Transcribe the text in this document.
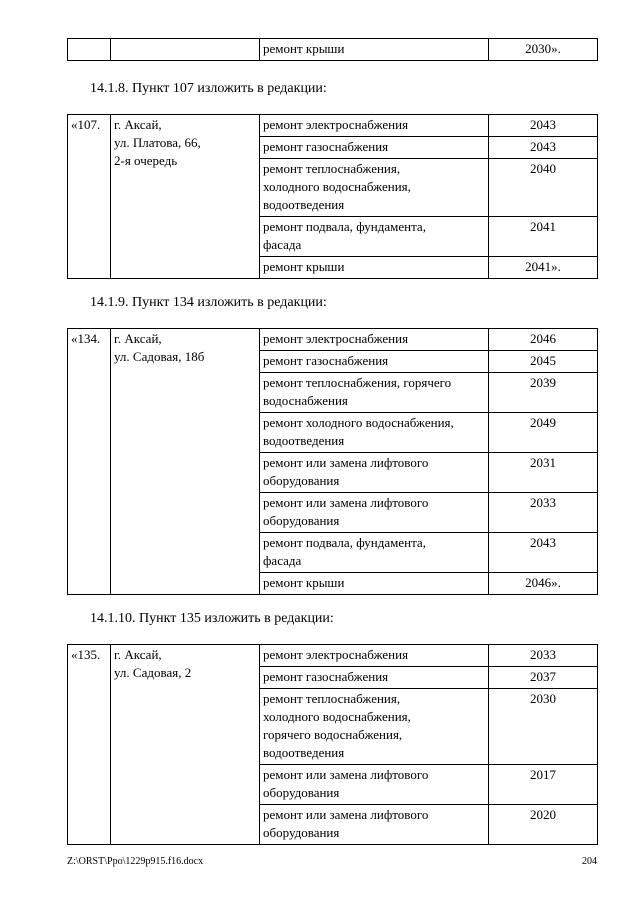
		ремонт крыши	2030».
14.1.8. Пункт 107 изложить в редакции:
«107.	г. Аксай,
ул. Платова, 66,
2-я очередь	ремонт электроснабжения	2043
		ремонт газоснабжения	2043
		ремонт теплоснабжения,
холодного водоснабжения,
водоотведения	2040
		ремонт подвала, фундамента,
фасада	2041
		ремонт крыши	2041».
14.1.9. Пункт 134 изложить в редакции:
«134.	г. Аксай,
ул. Садовая, 18б	ремонт электроснабжения	2046
		ремонт газоснабжения	2045
		ремонт теплоснабжения, горячего
водоснабжения	2039
		ремонт холодного водоснабжения,
водоотведения	2049
		ремонт или замена лифтового
оборудования	2031
		ремонт или замена лифтового
оборудования	2033
		ремонт подвала, фундамента,
фасада	2043
		ремонт крыши	2046».
14.1.10. Пункт 135 изложить в редакции:
«135.	г. Аксай,
ул. Садовая, 2	ремонт электроснабжения	2033
		ремонт газоснабжения	2037
		ремонт теплоснабжения,
холодного водоснабжения,
горячего водоснабжения,
водоотведения	2030
		ремонт или замена лифтового
оборудования	2017
		ремонт или замена лифтового
оборудования	2020
Z:\ORST\Ppo\1229p915.f16.docx	204
